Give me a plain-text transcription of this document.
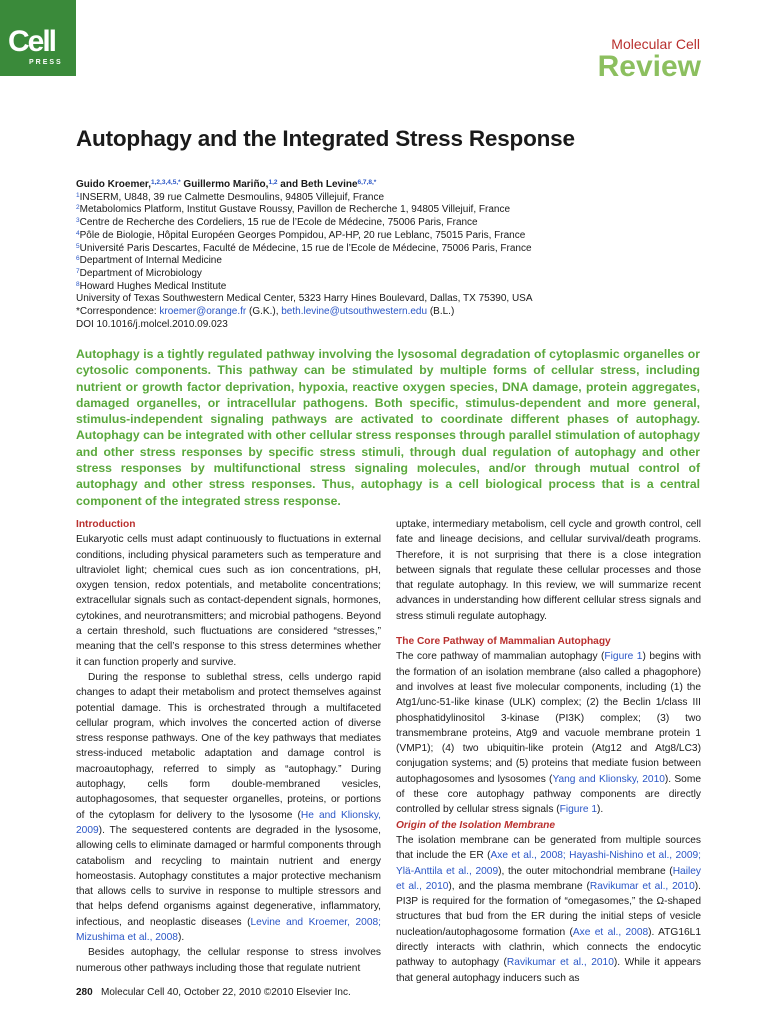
Cell
PRESS
Molecular Cell
Review
Autophagy and the Integrated Stress Response
Guido Kroemer,$^{1,2,3,4,5,*}$ Guillermo Mariño,$^{1,2}$ and Beth Levine$^{6,7,8,*}$
$^1$INSERM, U848, 39 rue Calmette Desmoulins, 94805 Villejuif, France
$^2$Metabolomics Platform, Institut Gustave Roussy, Pavillon de Recherche 1, 94805 Villejuif, France
$^3$Centre de Recherche des Cordeliers, 15 rue de l’Ecole de Médecine, 75006 Paris, France
$^4$Pôle de Biologie, Hôpital Européen Georges Pompidou, AP-HP, 20 rue Leblanc, 75015 Paris, France
$^5$Université Paris Descartes, Faculté de Médecine, 15 rue de l’Ecole de Médecine, 75006 Paris, France
$^6$Department of Internal Medicine
$^7$Department of Microbiology
$^8$Howard Hughes Medical Institute
University of Texas Southwestern Medical Center, 5323 Harry Hines Boulevard, Dallas, TX 75390, USA
*Correspondence: kroemer@orange.fr (G.K.), beth.levine@utsouthwestern.edu (B.L.)
DOI 10.1016/j.molcel.2010.09.023

Autophagy is a tightly regulated pathway involving the lysosomal degradation of cytoplasmic organelles or cytosolic components. This pathway can be stimulated by multiple forms of cellular stress, including nutrient or growth factor deprivation, hypoxia, reactive oxygen species, DNA damage, protein aggregates, damaged organelles, or intracellular pathogens. Both specific, stimulus-dependent and more general, stimulus-independent signaling pathways are activated to coordinate different phases of autophagy. Autophagy can be integrated with other cellular stress responses through parallel stimulation of autophagy and other stress responses by specific stress stimuli, through dual regulation of autophagy and other stress responses by multifunctional stress signaling molecules, and/or through mutual control of autophagy and other stress responses. Thus, autophagy is a cell biological process that is a central component of the integrated stress response.

Introduction

Eukaryotic cells must adapt continuously to fluctuations in external conditions, including physical parameters such as temperature and ultraviolet light; chemical cues such as ion concentrations, pH, oxygen tension, redox potentials, and metabolite concentrations; extracellular signals such as contact-dependent signals, hormones, cytokines, and neurotransmitters; and microbial pathogens. Beyond a certain threshold, such fluctuations are considered “stresses,” meaning that the cell’s response to this stress determines whether it can function properly and survive.

During the response to sublethal stress, cells undergo rapid changes to adapt their metabolism and protect themselves against potential damage. This is orchestrated through a multifaceted cellular program, which involves the concerted action of diverse stress response pathways. One of the key pathways that mediates stress-induced metabolic adaptation and damage control is macroautophagy, referred to simply as “autophagy.” During autophagy, cells form double-membraned vesicles, autophagosomes, that sequester organelles, proteins, or portions of the cytoplasm for delivery to the lysosome (He and Klionsky, 2009). The sequestered contents are degraded in the lysosome, allowing cells to eliminate damaged or harmful components through catabolism and recycling to maintain nutrient and energy homeostasis. Autophagy constitutes a major protective mechanism that allows cells to survive in response to multiple stressors and that helps defend organisms against degenerative, inflammatory, infectious, and neoplastic diseases (Levine and Kroemer, 2008; Mizushima et al., 2008).

Besides autophagy, the cellular response to stress involves numerous other pathways including those that regulate nutrient

uptake, intermediary metabolism, cell cycle and growth control, cell fate and lineage decisions, and cellular survival/death programs. Therefore, it is not surprising that there is a close integration between signals that regulate these cellular processes and those that regulate autophagy. In this review, we will summarize recent advances in understanding how different cellular stress signals and stress stimuli regulate autophagy.

The Core Pathway of Mammalian Autophagy

The core pathway of mammalian autophagy (Figure 1) begins with the formation of an isolation membrane (also called a phagophore) and involves at least five molecular components, including (1) the Atg1/unc-51-like kinase (ULK) complex; (2) the Beclin 1/class III phosphatidylinositol 3-kinase (PI3K) complex; (3) two transmembrane proteins, Atg9 and vacuole membrane protein 1 (VMP1); (4) two ubiquitin-like protein (Atg12 and Atg8/LC3) conjugation systems; and (5) proteins that mediate fusion between autophagosomes and lysosomes (Yang and Klionsky, 2010). Some of these core autophagy pathway components are directly controlled by cellular stress signals (Figure 1).

Origin of the Isolation Membrane

The isolation membrane can be generated from multiple sources that include the ER (Axe et al., 2008; Hayashi-Nishino et al., 2009; Ylä-Anttila et al., 2009), the outer mitochondrial membrane (Hailey et al., 2010), and the plasma membrane (Ravikumar et al., 2010). PI3P is required for the formation of “omegasomes,” the Ω-shaped structures that bud from the ER during the initial steps of vesicle nucleation/autophagosome formation (Axe et al., 2008). ATG16L1 directly interacts with clathrin, which connects the endocytic pathway to autophagy (Ravikumar et al., 2010). While it appears that general autophagy inducers such as

280 Molecular Cell 40, October 22, 2010 ©2010 Elsevier Inc.
